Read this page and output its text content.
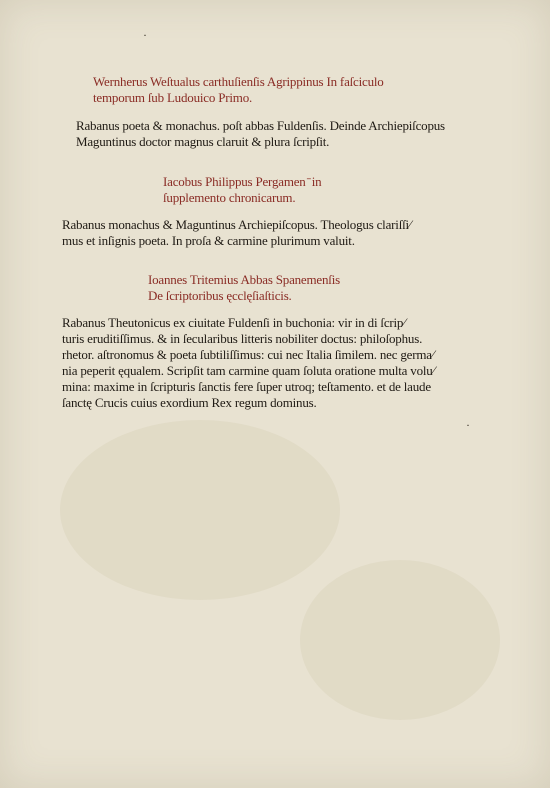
·
·
Wernherus Weſtualus carthuſienſis Agrippinus In faſciculo
temporum ſub Ludouico Primo.
Rabanus poeta & monachus. poſt abbas Fuldenſis. Deinde Archiepiſcopus
Maguntinus doctor magnus claruit & plura ſcripſit.
Iacobus Philippus Pergamen ̄ in
ſupplemento chronicarum.
Rabanus monachus & Maguntinus Archiepiſcopus. Theologus clariſſi⁄
mus et inſignis poeta. In proſa & carmine plurimum valuit.
Ioannes Tritemius Abbas Spanemenſis
De ſcriptoribus ęcclęſiaſticis.
Rabanus Theutonicus ex ciuitate Fuldenſi in buchonia: vir in di ſcrip⁄
turis eruditiſſimus. & in ſecularibus litteris nobiliter doctus: philoſophus.
rhetor. aſtronomus & poeta ſubtiliſſimus: cui nec Italia ſimilem. nec germa⁄
nia peperit ęqualem. Scripſit tam carmine quam ſoluta oratione multa volu⁄
mina: maxime in ſcripturis ſanctis fere ſuper utroq; teſtamento. et de laude
ſanctę Crucis cuius exordium Rex regum dominus.
